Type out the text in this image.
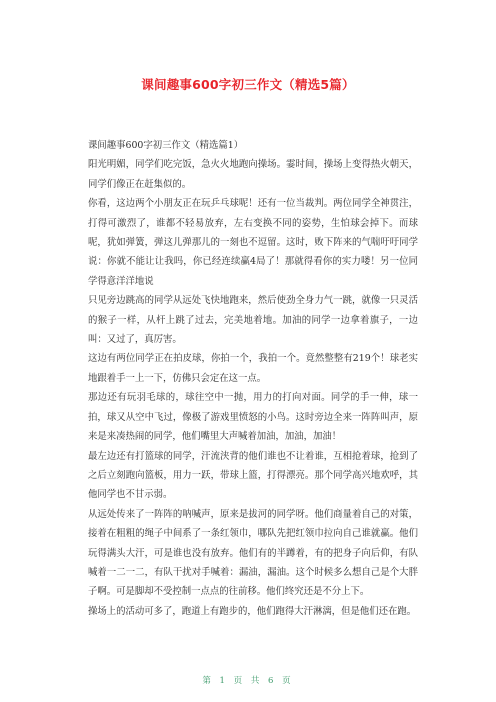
课间趣事600字初三作文（精选5篇）

课间趣事600字初三作文（精选篇1）

阳光明媚，同学们吃完饭，急火火地跑向操场。霎时间，操场上变得热火朝天，同学们像正在赶集似的。

你看，这边两个小朋友正在玩乒乓球呢！还有一位当裁判。两位同学全神贯注，打得可激烈了，谁都不轻易放弃，左右变换不同的姿势，生怕球会掉下。而球呢，犹如弹簧，弹这儿弹那儿的一刻也不逗留。这时，败下阵来的气喘吁吁同学说：你就不能让让我吗，你已经连续赢4局了！那就得看你的实力喽！另一位同学得意洋洋地说

只见旁边跳高的同学从远处飞快地跑来，然后使劲全身力气一跳，就像一只灵活的猴子一样，从杆上跳了过去，完美地着地。加油的同学一边拿着旗子，一边叫：又过了，真厉害。

这边有两位同学正在拍皮球，你拍一个，我拍一个。竟然整整有219个！球老实地跟着手一上一下，仿佛只会定在这一点。

那边还有玩羽毛球的，球往空中一抛，用力的打向对面。同学的手一伸，球一拍，球又从空中飞过，像极了游戏里愤怒的小鸟。这时旁边全来一阵阵叫声，原来是来凑热闹的同学，他们嘴里大声喊着加油，加油，加油！

最左边还有打篮球的同学，汗流浃背的他们谁也不让着谁，互相抢着球，抢到了之后立刻跑向篮板，用力一跃，带球上篮，打得漂亮。那个同学高兴地欢呼，其他同学也不甘示弱。

从远处传来了一阵阵的呐喊声，原来是拔河的同学呀。他们商量着自己的对策，接着在粗粗的绳子中间系了一条红领巾，哪队先把红领巾拉向自己谁就赢。他们玩得满头大汗，可是谁也没有放弃。他们有的半蹲着，有的把身子向后仰，有队喊着一二一二，有队干扰对手喊着：漏油，漏油。这个时候多么想自己是个大胖子啊。可是脚却不受控制一点点的往前移。他们终究还是不分上下。

操场上的活动可多了，跑道上有跑步的，他们跑得大汗淋漓，但是他们还在跑。

第 1 页 共 6 页
